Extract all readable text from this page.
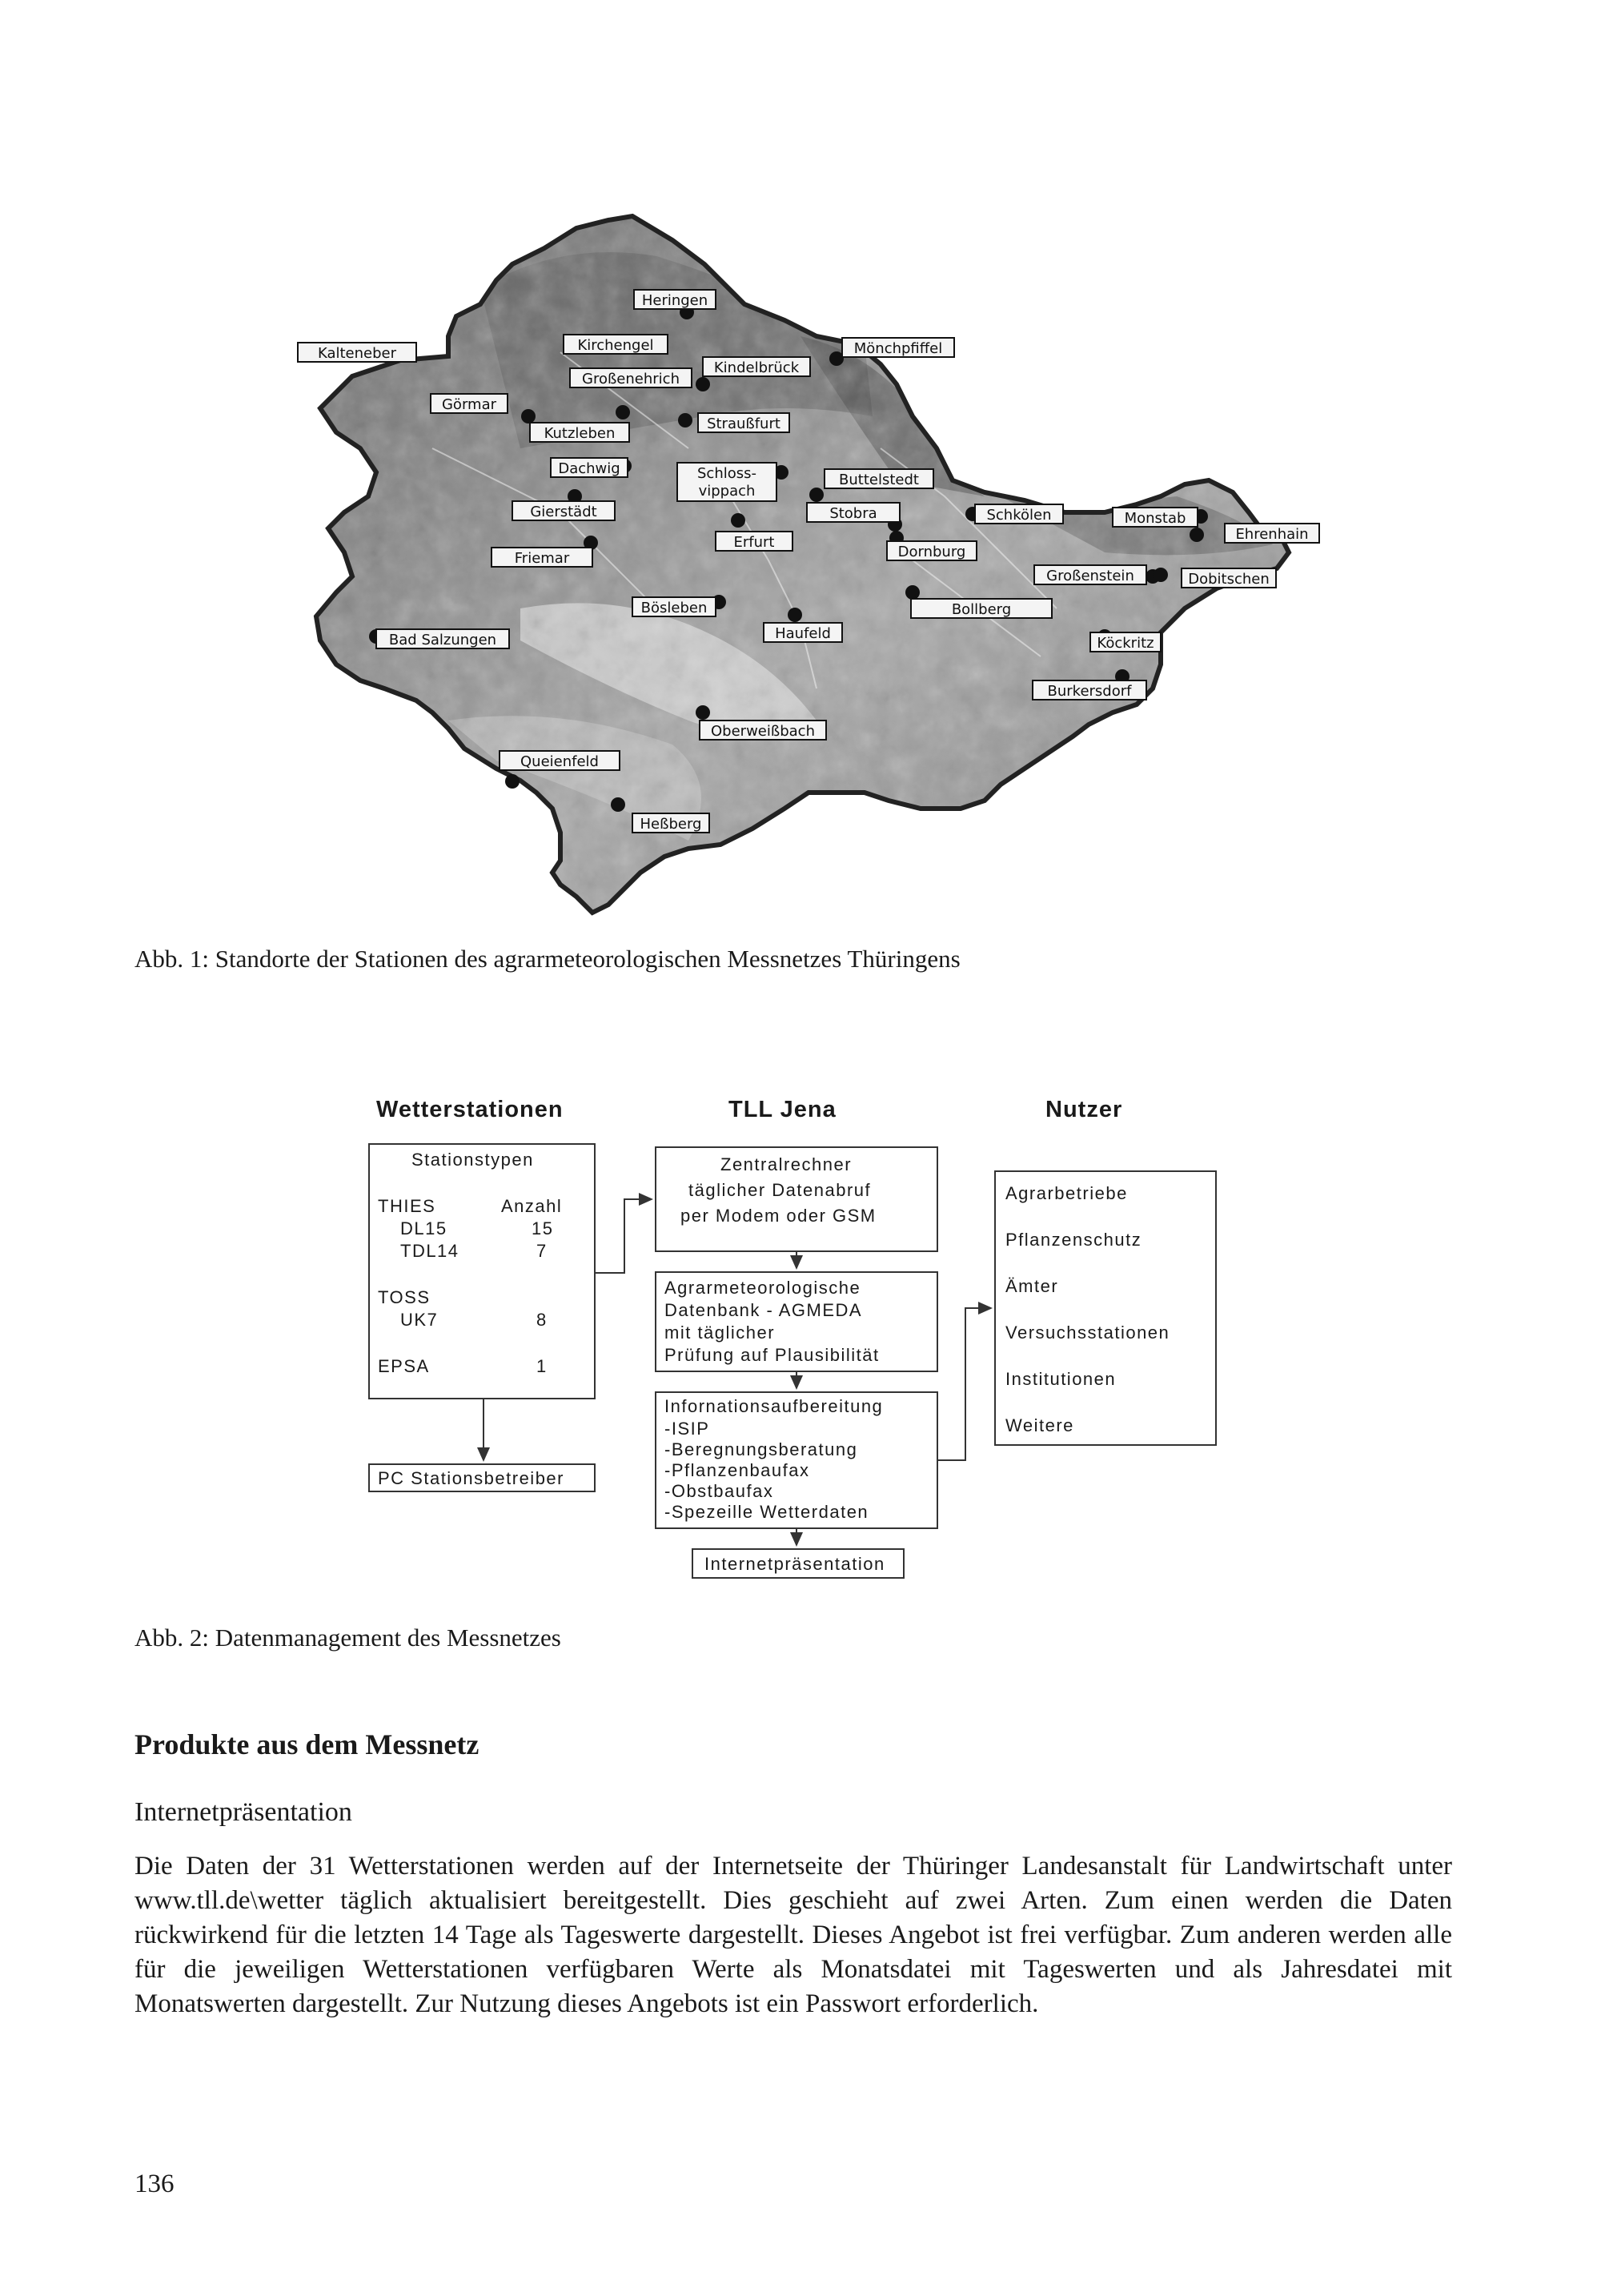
Heringen
Kalteneber	Kirchengel
Großenehrich
Kindelbrück
Mönchpfiffel
Görmar
Straußfurt
Kutzleben
Dachwig	Schloss-
vippach
Buttelstedt
Gierstädt	Stobra	Schkölen	Monstab
Friemar
Erfurt
Dornburg
Ehrenhain
Großenstein	Dobitschen
Bösleben	Bollberg
Bad Salzungen	Haufeld
Köckritz
Burkersdorf
Oberweißbach
Queienfeld
Heßberg
Abb. 1: Standorte der Stationen des agrarmeteorologischen Messnetzes Thüringens
Wetterstationen	TLL Jena	Nutzer
Stationstypen
THIES	Anzahl
DL15	15
TDL14	7
TOSS
UK7	8
EPSA	1
PC Stationsbetreiber
Zentralrechner
täglicher Datenabruf
per Modem oder GSM
Agrarmeteorologische
Datenbank - AGMEDA
mit täglicher
Prüfung auf Plausibilität
Infornationsaufbereitung
-ISIP
-Beregnungsberatung
-Pflanzenbaufax
-Obstbaufax
-Spezeille Wetterdaten
Internetpräsentation
Agrarbetriebe
Pflanzenschutz
Ämter
Versuchsstationen
Institutionen
Weitere
Abb. 2: Datenmanagement des Messnetzes
Produkte aus dem Messnetz
Internetpräsentation
Die Daten der 31 Wetterstationen werden auf der Internetseite der Thüringer Landesanstalt für Landwirtschaft unter www.tll.de\wetter täglich aktualisiert bereitgestellt. Dies geschieht auf zwei Arten. Zum einen werden die Daten rückwirkend für die letzten 14 Tage als Tageswerte dargestellt. Dieses Angebot ist frei verfügbar. Zum anderen werden alle für die jeweiligen Wetterstationen verfügbaren Werte als Monatsdatei mit Tageswerten und als Jahresdatei mit Monatswerten dargestellt. Zur Nutzung dieses Angebots ist ein Passwort erforderlich.
136
